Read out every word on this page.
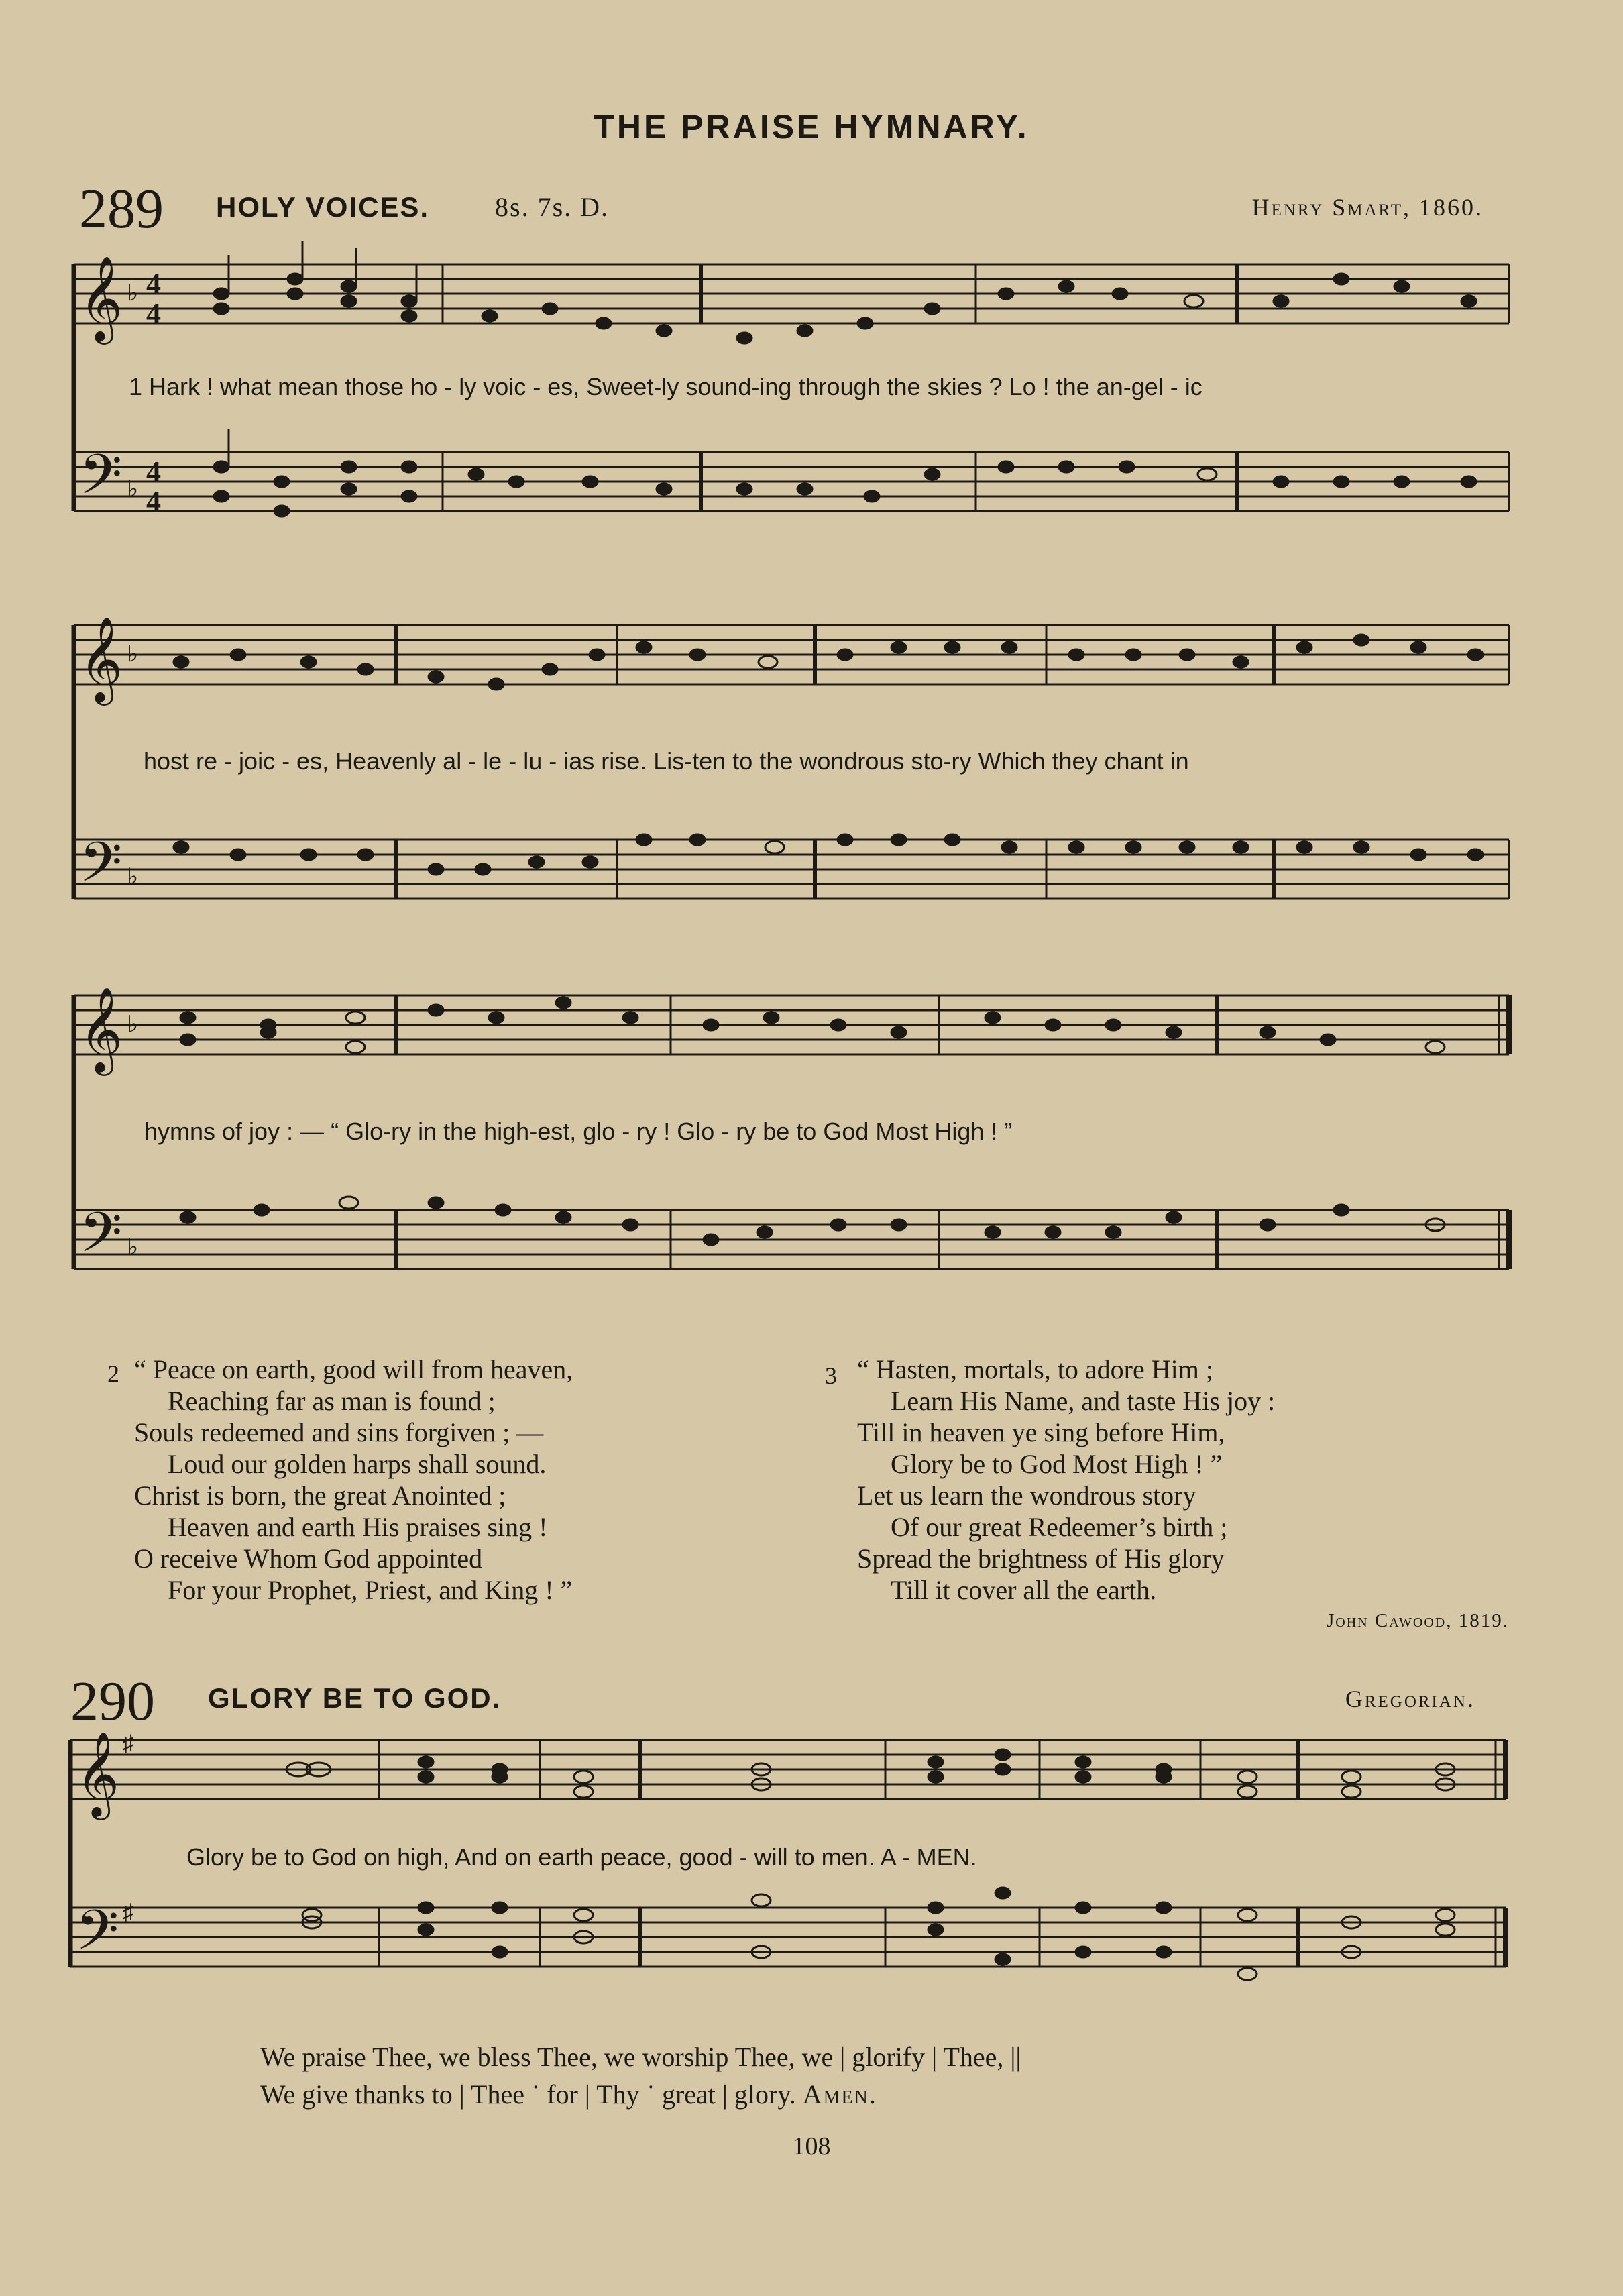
THE PRAISE HYMNARY.
289 HOLY VOICES. 8s. 7s. D.	Henry Smart, 1860.
𝄞
𝄢
♭
♭
4
4
4
4
1 Hark ! what mean those ho - ly voic - es, Sweet-ly sound-ing through the skies ? Lo ! the an-gel - ic
𝄞
𝄢
♭
♭
host re - joic - es, Heavenly al - le - lu - ias rise. Lis-ten to the wondrous sto-ry Which they chant in
𝄞
𝄢
♭
♭
hymns of joy : — “ Glo-ry in the high-est, glo - ry ! Glo - ry be to God Most High ! ”
2 “ Peace on earth, good will from heaven,
Reaching far as man is found ;
Souls redeemed and sins forgiven ; —
Loud our golden harps shall sound.
Christ is born, the great Anointed ;
Heaven and earth His praises sing !
O receive Whom God appointed
For your Prophet, Priest, and King ! ”
3 “ Hasten, mortals, to adore Him ;
Learn His Name, and taste His joy :
Till in heaven ye sing before Him,
Glory be to God Most High ! ”
Let us learn the wondrous story
Of our great Redeemer’s birth ;
Spread the brightness of His glory
Till it cover all the earth.
John Cawood, 1819.
290 GLORY BE TO GOD.	Gregorian.
𝄞
𝄢
♯
♯
Glory be to God on high, And on earth peace, good - will to men. A - MEN.
We praise Thee, we bless Thee, we worship Thee, we | glorify | Thee, ||
We give thanks to | Thee ˙ for | Thy ˙ great | glory. Amen.
108
